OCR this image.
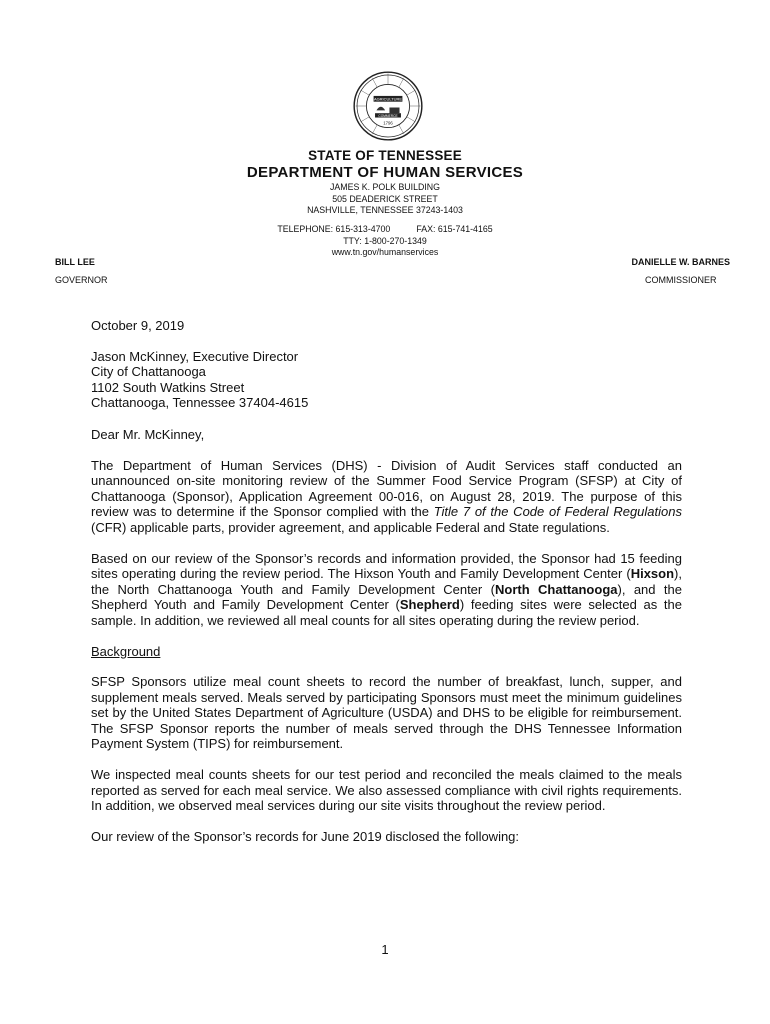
AGRICULTURE
COMMERCE
1796
STATE OF TENNESSEE
DEPARTMENT OF HUMAN SERVICES
JAMES K. POLK BUILDING
505 DEADERICK STREET
NASHVILLE, TENNESSEE 37243-1403
TELEPHONE: 615-313-4700	FAX: 615-741-4165
TTY: 1-800-270-1349
www.tn.gov/humanservices
BILL LEE
GOVERNOR
DANIELLE W. BARNES
COMMISSIONER

October 9, 2019

Jason McKinney, Executive Director
City of Chattanooga
1102 South Watkins Street
Chattanooga, Tennessee 37404-4615

Dear Mr. McKinney,

The Department of Human Services (DHS) - Division of Audit Services staff conducted an unannounced on-site monitoring review of the Summer Food Service Program (SFSP) at City of Chattanooga (Sponsor), Application Agreement 00-016, on August 28, 2019. The purpose of this review was to determine if the Sponsor complied with the Title 7 of the Code of Federal Regulations (CFR) applicable parts, provider agreement, and applicable Federal and State regulations.

Based on our review of the Sponsor’s records and information provided, the Sponsor had 15 feeding sites operating during the review period. The Hixson Youth and Family Development Center (Hixson), the North Chattanooga Youth and Family Development Center (North Chattanooga), and the Shepherd Youth and Family Development Center (Shepherd) feeding sites were selected as the sample. In addition, we reviewed all meal counts for all sites operating during the review period.

Background

SFSP Sponsors utilize meal count sheets to record the number of breakfast, lunch, supper, and supplement meals served. Meals served by participating Sponsors must meet the minimum guidelines set by the United States Department of Agriculture (USDA) and DHS to be eligible for reimbursement. The SFSP Sponsor reports the number of meals served through the DHS Tennessee Information Payment System (TIPS) for reimbursement.

We inspected meal counts sheets for our test period and reconciled the meals claimed to the meals reported as served for each meal service. We also assessed compliance with civil rights requirements. In addition, we observed meal services during our site visits throughout the review period.

Our review of the Sponsor’s records for June 2019 disclosed the following:

1
